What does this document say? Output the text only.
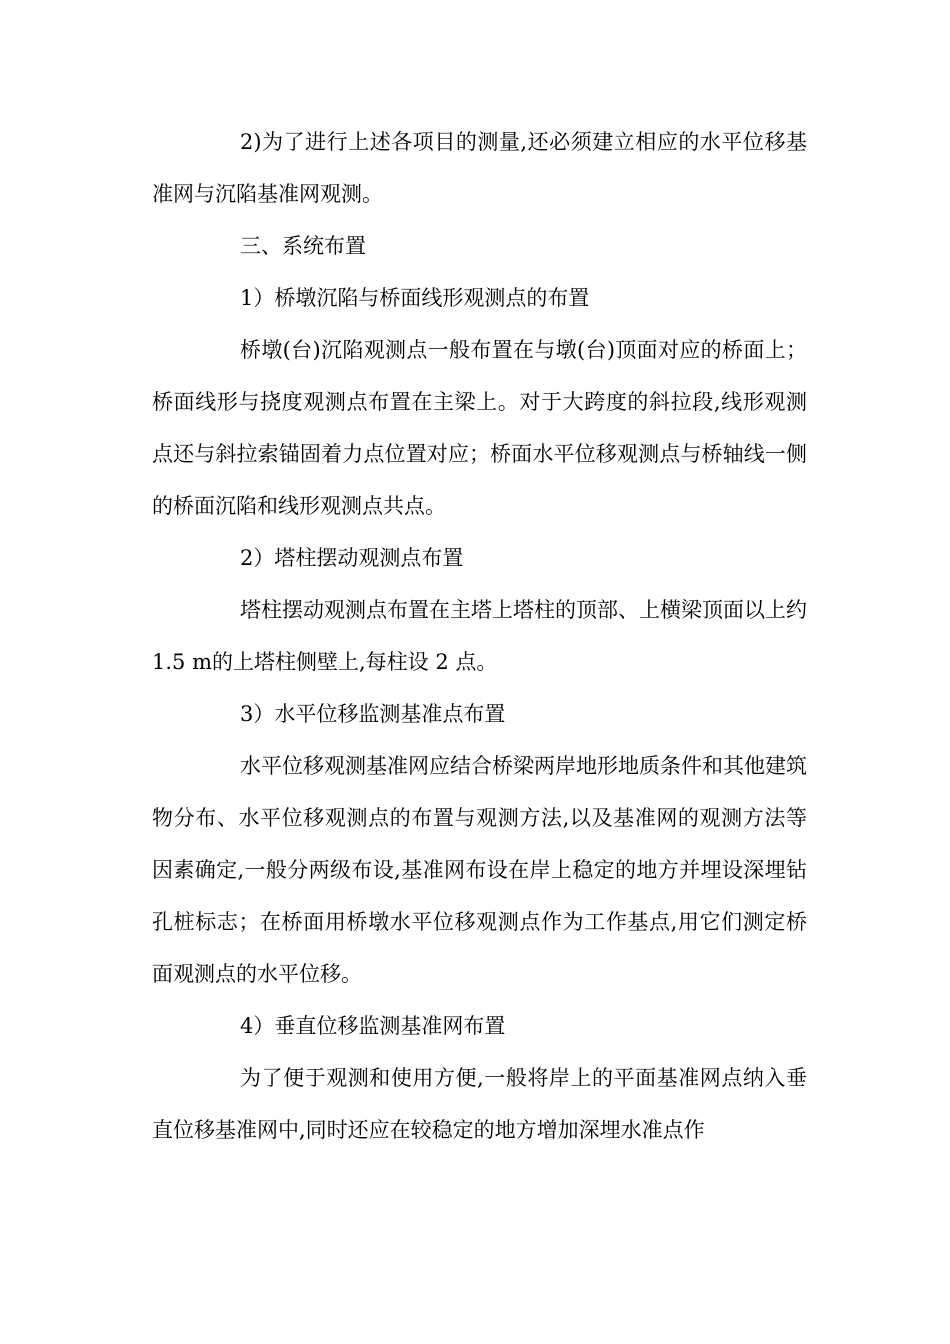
2)为了进行上述各项目的测量,还必须建立相应的水平位移基准网与沉陷基准网观测。

三、系统布置

1）桥墩沉陷与桥面线形观测点的布置

桥墩(台)沉陷观测点一般布置在与墩(台)顶面对应的桥面上；桥面线形与挠度观测点布置在主梁上。对于大跨度的斜拉段,线形观测点还与斜拉索锚固着力点位置对应；桥面水平位移观测点与桥轴线一侧的桥面沉陷和线形观测点共点。

2）塔柱摆动观测点布置

塔柱摆动观测点布置在主塔上塔柱的顶部、上横梁顶面以上约 1.5 m的上塔柱侧壁上,每柱设 2 点。

3）水平位移监测基准点布置

水平位移观测基准网应结合桥梁两岸地形地质条件和其他建筑物分布、水平位移观测点的布置与观测方法,以及基准网的观测方法等因素确定,一般分两级布设,基准网布设在岸上稳定的地方并埋设深埋钻孔桩标志；在桥面用桥墩水平位移观测点作为工作基点,用它们测定桥面观测点的水平位移。

4）垂直位移监测基准网布置

为了便于观测和使用方便,一般将岸上的平面基准网点纳入垂直位移基准网中,同时还应在较稳定的地方增加深埋水准点作
